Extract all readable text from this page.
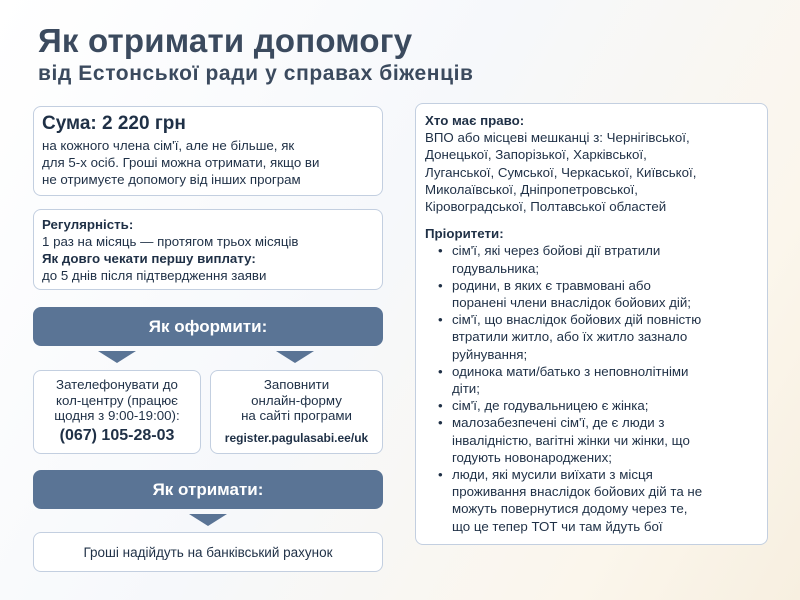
Як отримати допомогу
від Естонської ради у справах біженців
Сума: 2 220 грн
на кожного члена сім'ї, але не більше, як
для 5-х осіб. Гроші можна отримати, якщо ви
не отримуєте допомогу від інших програм
Регулярність:
1 раз на місяць — протягом трьох місяців
Як довго чекати першу виплату:
до 5 днів після підтвердження заяви
Як оформити:
Зателефонувати до
кол-центру (працює
щодня з 9:00-19:00):
(067) 105-28-03
Заповнити
онлайн-форму
на сайті програми
register.pagulasabi.ee/uk
Як отримати:
Гроші надійдуть на банківський рахунок
Хто має право:
ВПО або місцеві мешканці з: Чернігівської,
Донецької, Запорізької, Харківської,
Луганської, Сумської, Черкаської, Київської,
Миколаївської, Дніпропетровської,
Кіровоградської, Полтавської областей
Пріоритети:
• сім'ї, які через бойові дії втратили
годувальника;
• родини, в яких є травмовані або
поранені члени внаслідок бойових дій;
• сім'ї, що внаслідок бойових дій повністю
втратили житло, або їх житло зазнало
руйнування;
• одинока мати/батько з неповнолітніми
діти;
• сім'ї, де годувальницею є жінка;
• малозабезпечені сім'ї, де є люди з
інвалідністю, вагітні жінки чи жінки, що
годують новонароджених;
• люди, які мусили виїхати з місця
проживання внаслідок бойових дій та не
можуть повернутися додому через те,
що це тепер ТОТ чи там йдуть бої
